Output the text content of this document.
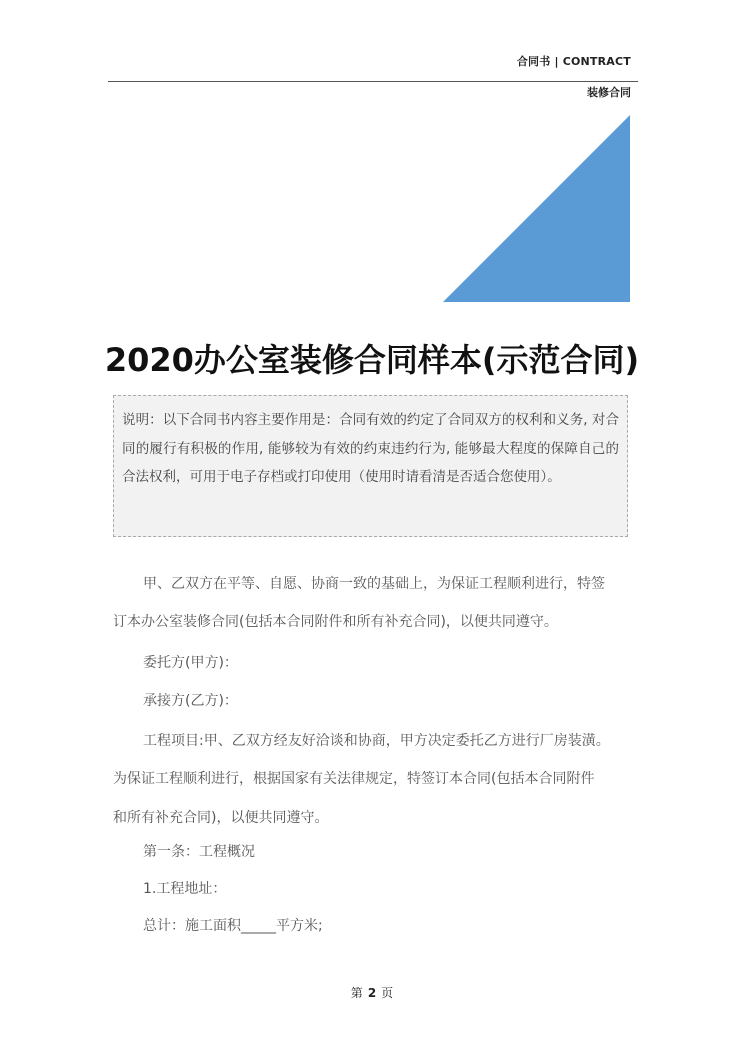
合同书 | CONTRACT
装修合同
2020办公室装修合同样本(示范合同)
说明：以下合同书内容主要作用是：合同有效的约定了合同双方的权利和义务, 对合同的履行有积极的作用, 能够较为有效的约束违约行为, 能够最大程度的保障自己的合法权利，可用于电子存档或打印使用（使用时请看清是否适合您使用）。
甲、乙双方在平等、自愿、协商一致的基础上，为保证工程顺利进行，特签
订本办公室装修合同(包括本合同附件和所有补充合同)，以便共同遵守。
委托方(甲方)：
承接方(乙方)：
工程项目:甲、乙双方经友好洽谈和协商，甲方决定委托乙方进行厂房装潢。
为保证工程顺利进行，根据国家有关法律规定，特签订本合同(包括本合同附件
和所有补充合同)，以便共同遵守。
第一条：工程概况
1.工程地址：
总计：施工面积_____平方米;
第 2 页
